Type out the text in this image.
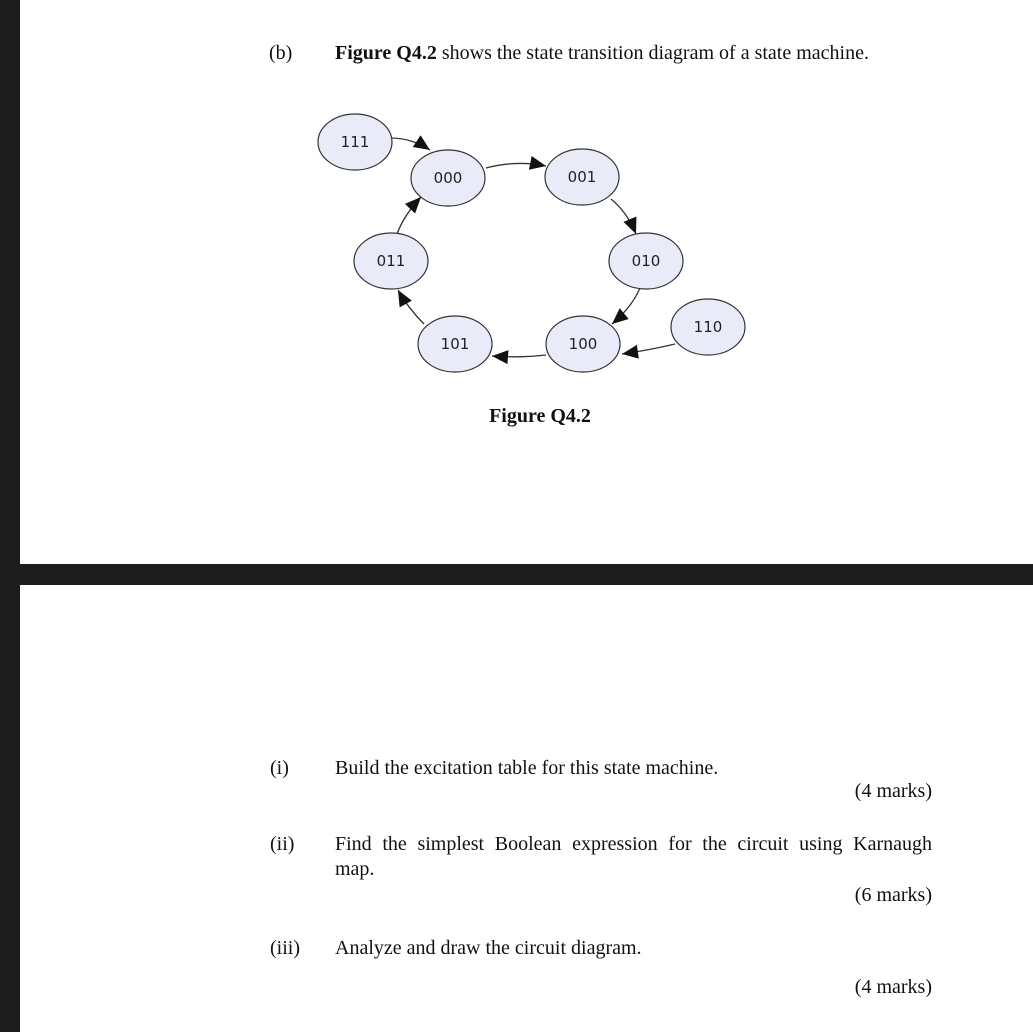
(b) Figure Q4.2 shows the state transition diagram of a state machine.
111
000	001
011	010
101	100
110
Figure Q4.2
(i) Build the excitation table for this state machine.
(4 marks)
(ii) Find the simplest Boolean expression for the circuit using Karnaugh
map.
(6 marks)
(iii) Analyze and draw the circuit diagram.
(4 marks)
